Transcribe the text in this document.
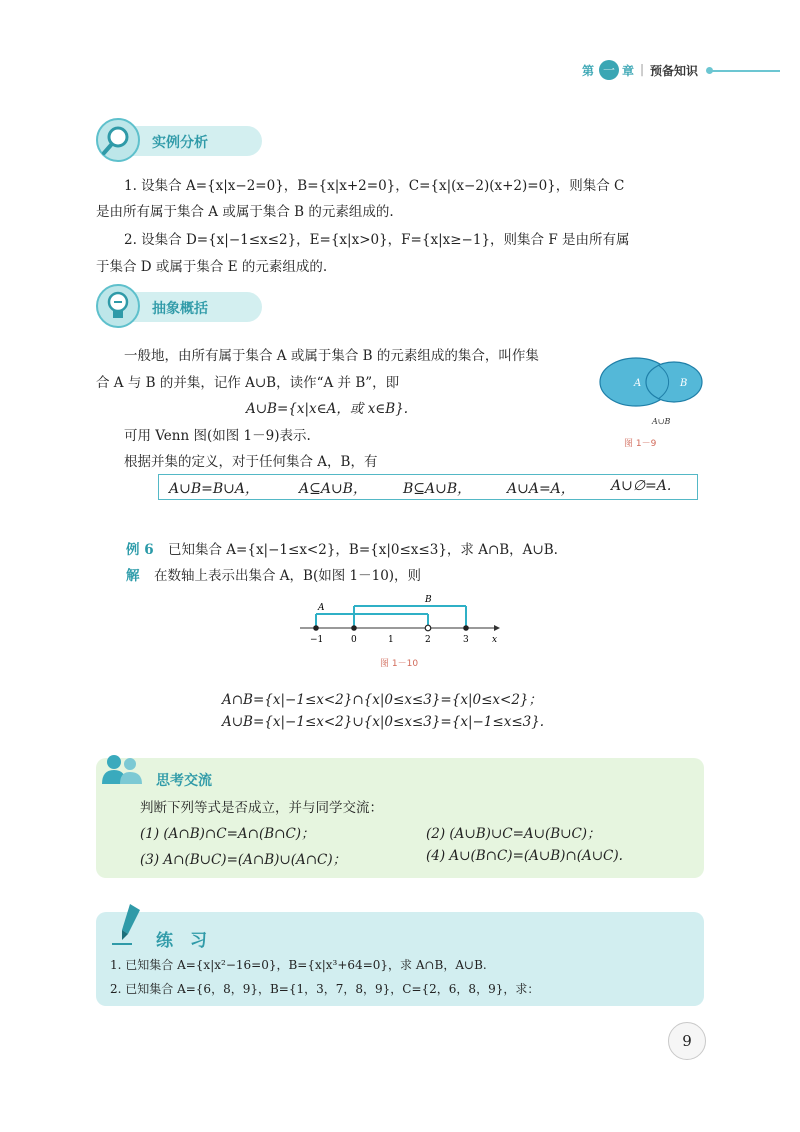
第 一 章 | 预备知识
实例分析

1. 设集合 A={x|x−2=0}，B={x|x+2=0}，C={x|(x−2)(x+2)=0}，则集合 C

是由所有属于集合 A 或属于集合 B 的元素组成的.

2. 设集合 D={x|−1≤x≤2}，E={x|x>0}，F={x|x≥−1}，则集合 F 是由所有属

于集合 D 或属于集合 E 的元素组成的.

抽象概括

一般地，由所有属于集合 A 或属于集合 B 的元素组成的集合，叫作集

合 A 与 B 的并集，记作 A∪B，读作“A 并 B”，即

A∪B={x|x∈A，或 x∈B}.

可用 Venn 图(如图 1－9)表示.

根据并集的定义，对于任何集合 A，B，有

A	B
A∪B
图 1－9
A∪B=B∪A，	A⊆A∪B，	B⊆A∪B，	A∪A=A，	A∪∅=A.
例 6 已知集合 A={x|−1≤x<2}，B={x|0≤x≤3}，求 A∩B，A∪B.

解 在数轴上表示出集合 A，B(如图 1－10)，则

A
B
−1	0	1	2	3	x
图 1－10

A∩B={x|−1≤x<2}∩{x|0≤x≤3}={x|0≤x<2}；

A∪B={x|−1≤x<2}∪{x|0≤x≤3}={x|−1≤x≤3}.

思考交流

判断下列等式是否成立，并与同学交流：

(1) (A∩B)∩C=A∩(B∩C)；	(2) (A∪B)∪C=A∪(B∪C)；

(3) A∩(B∪C)=(A∩B)∪(A∩C)；	(4) A∪(B∩C)=(A∪B)∩(A∪C).

练　习

1. 已知集合 A={x|x²−16=0}，B={x|x³+64=0}，求 A∩B，A∪B.

2. 已知集合 A={6，8，9}，B={1，3，7，8，9}，C={2，6，8，9}，求：

9
